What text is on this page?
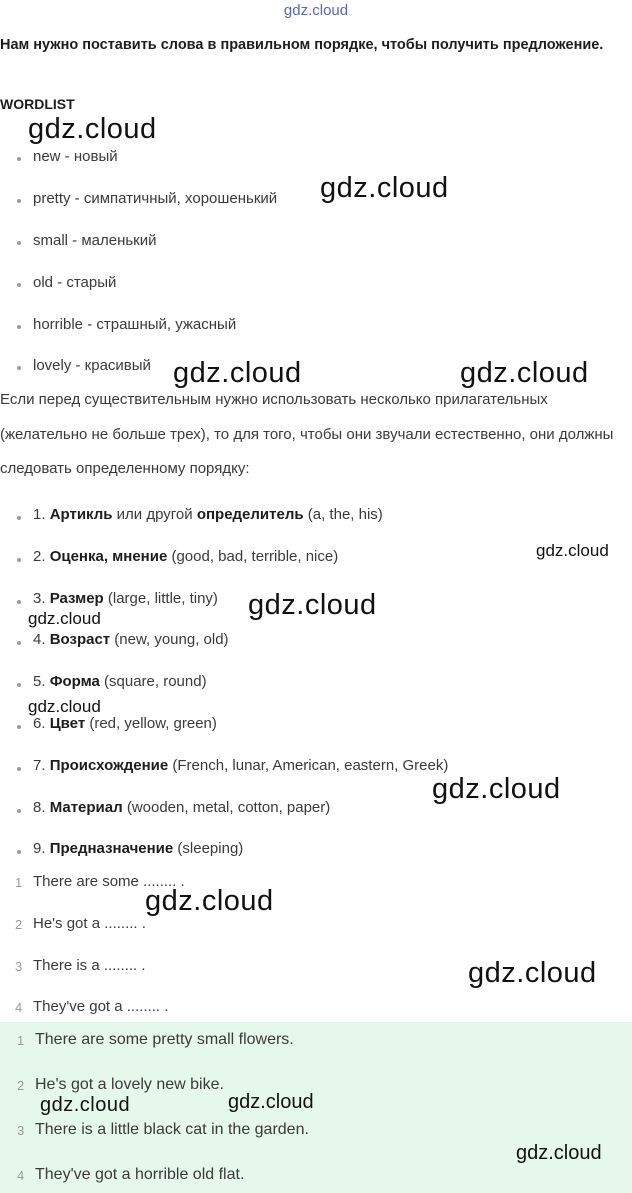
gdz.cloud
Нам нужно поставить слова в правильном порядке, чтобы получить предложение.
WORDLIST
new - новый
pretty - симпатичный, хорошенький
small - маленький
old - старый
horrible - страшный, ужасный
lovely - красивый
Если перед существительным нужно использовать несколько прилагательных (желательно не больше трех), то для того, чтобы они звучали естественно, они должны следовать определенному порядку:
1. Артикль или другой определитель (a, the, his)
2. Оценка, мнение (good, bad, terrible, nice)
3. Размер (large, little, tiny)
4. Возраст (new, young, old)
5. Форма (square, round)
6. Цвет (red, yellow, green)
7. Происхождение (French, lunar, American, eastern, Greek)
8. Материал (wooden, metal, cotton, paper)
9. Предназначение (sleeping)
1 There are some ........ .
2 He's got a ........ .
3 There is a ........ .
4 They've got a ........ .
1 There are some pretty small flowers.
2 He's got a lovely new bike.
3 There is a little black cat in the garden.
4 They've got a horrible old flat.
gdz.cloud
gdz.cloud
gdz.cloud	gdz.cloud
gdz.cloud
gdz.cloud
gdz.cloud
gdz.cloud
gdz.cloud
gdz.cloud
gdz.cloud
gdz.cloud	gdz.cloud
gdz.cloud
